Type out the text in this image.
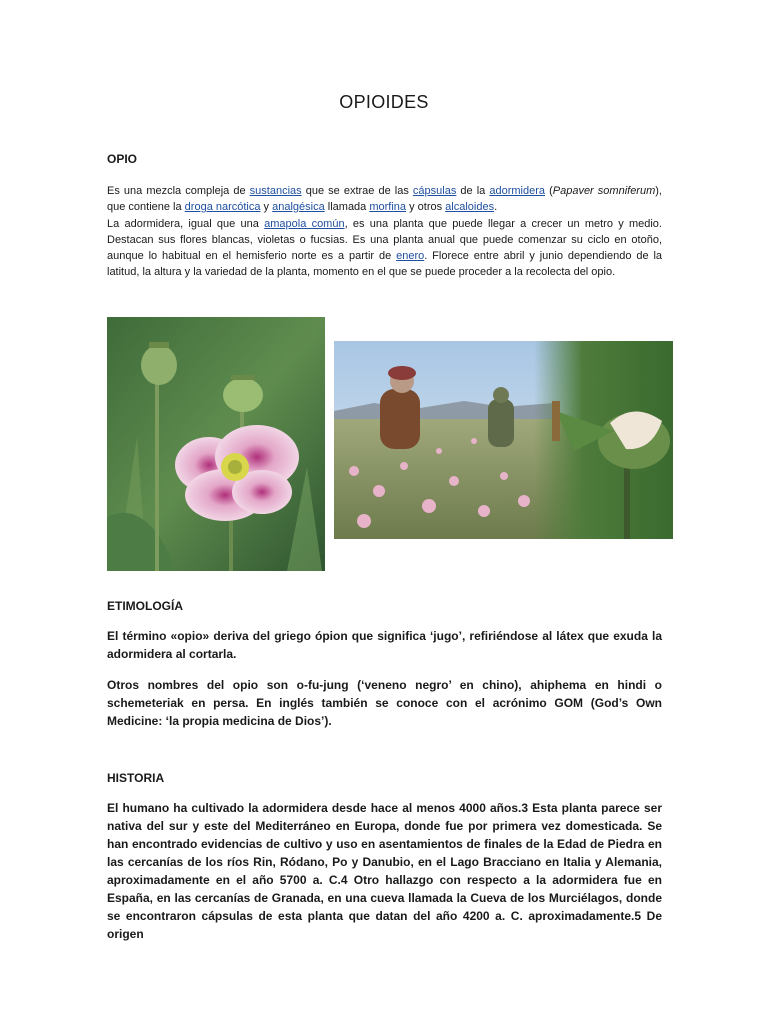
OPIOIDES
OPIO

Es una mezcla compleja de sustancias que se extrae de las cápsulas de la adormidera (Papaver somniferum), que contiene la droga narcótica y analgésica llamada morfina y otros alcaloides.

La adormidera, igual que una amapola común, es una planta que puede llegar a crecer un metro y medio. Destacan sus flores blancas, violetas o fucsias. Es una planta anual que puede comenzar su ciclo en otoño, aunque lo habitual en el hemisferio norte es a partir de enero. Florece entre abril y junio dependiendo de la latitud, la altura y la variedad de la planta, momento en el que se puede proceder a la recolecta del opio.

ETIMOLOGÍA

El término «opio» deriva del griego ópion que significa ‘jugo’, refiriéndose al látex que exuda la adormidera al cortarla.

Otros nombres del opio son o-fu-jung (‘veneno negro’ en chino), ahiphema en hindi o schemeteriak en persa. En inglés también se conoce con el acrónimo GOM (God’s Own Medicine: ‘la propia medicina de Dios’).

HISTORIA

El humano ha cultivado la adormidera desde hace al menos 4000 años.3 Esta planta parece ser nativa del sur y este del Mediterráneo en Europa, donde fue por primera vez domesticada. Se han encontrado evidencias de cultivo y uso en asentamientos de finales de la Edad de Piedra en las cercanías de los ríos Rin, Ródano, Po y Danubio, en el Lago Bracciano en Italia y Alemania, aproximadamente en el año 5700 a. C.4 Otro hallazgo con respecto a la adormidera fue en España, en las cercanías de Granada, en una cueva llamada la Cueva de los Murciélagos, donde se encontraron cápsulas de esta planta que datan del año 4200 a. C. aproximadamente.5 De origen
